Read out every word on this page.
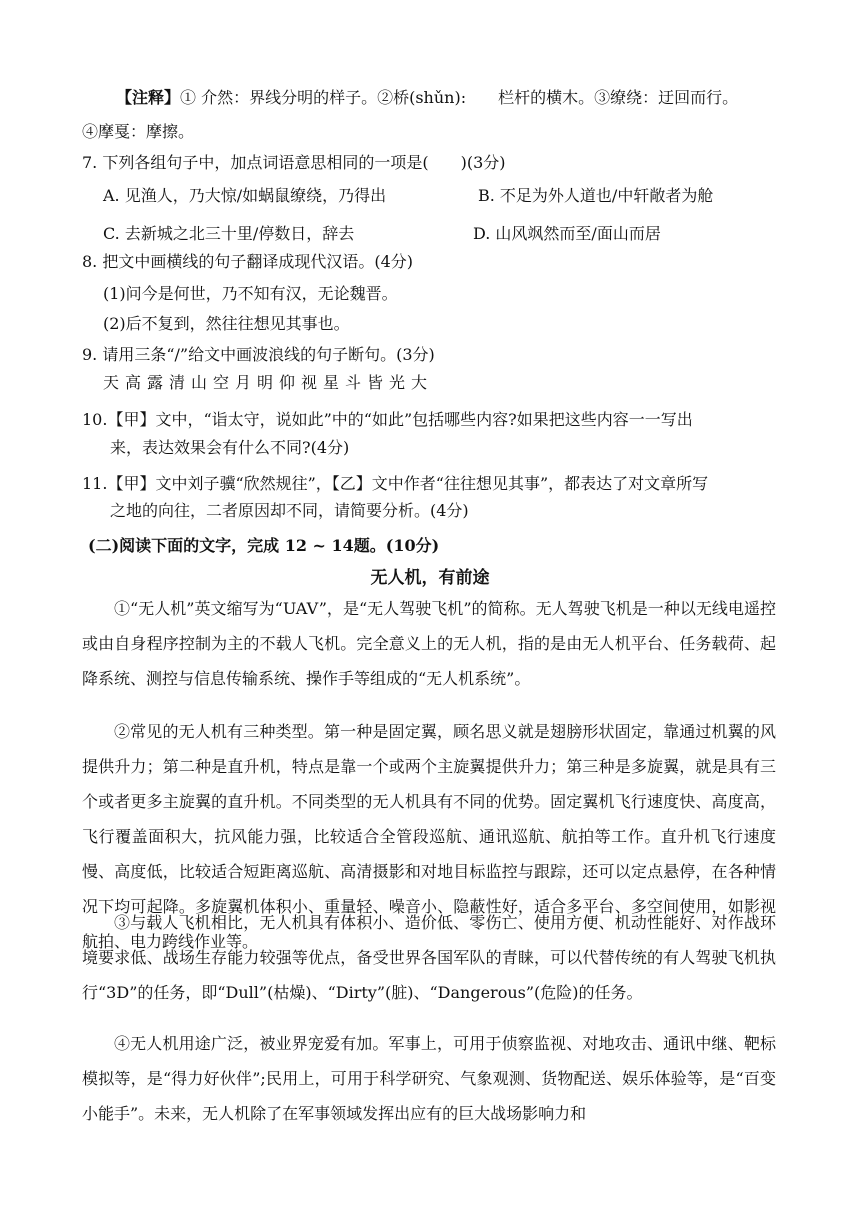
【注释】① 介然：界线分明的样子。②桥(shǔn):　　栏杆的横木。③缭绕：迂回而行。
④摩戛：摩擦。
7. 下列各组句子中，加点词语意思相同的一项是(　　)(3分)
A. 见渔人，乃大惊/如蜗鼠缭绕，乃得出	B. 不足为外人道也/中轩敞者为舱
C. 去新城之北三十里/停数日，辞去	D. 山风飒然而至/面山而居
8. 把文中画横线的句子翻译成现代汉语。(4分)
(1)问今是何世，乃不知有汉，无论魏晋。
(2)后不复到，然往往想见其事也。
9. 请用三条“/”给文中画波浪线的句子断句。(3分)
天高露清山空月明仰视星斗皆光大
10.【甲】文中，“诣太守，说如此”中的“如此”包括哪些内容?如果把这些内容一一写出
来，表达效果会有什么不同?(4分)
11.【甲】文中刘子骥“欣然规往”，【乙】文中作者“往往想见其事”，都表达了对文章所写
之地的向往，二者原因却不同，请简要分析。(4分)
(二)阅读下面的文字，完成 12 ~ 14题。(10分)
无人机，有前途
①“无人机”英文缩写为“UAV”，是“无人驾驶飞机”的简称。无人驾驶飞机是一种以无线电遥控或由自身程序控制为主的不载人飞机。完全意义上的无人机，指的是由无人机平台、任务载荷、起降系统、测控与信息传输系统、操作手等组成的“无人机系统”。
②常见的无人机有三种类型。第一种是固定翼，顾名思义就是翅膀形状固定，靠通过机翼的风提供升力；第二种是直升机，特点是靠一个或两个主旋翼提供升力；第三种是多旋翼，就是具有三个或者更多主旋翼的直升机。不同类型的无人机具有不同的优势。固定翼机飞行速度快、高度高，飞行覆盖面积大，抗风能力强，比较适合全管段巡航、通讯巡航、航拍等工作。直升机飞行速度慢、高度低，比较适合短距离巡航、高清摄影和对地目标监控与跟踪，还可以定点悬停，在各种情况下均可起降。多旋翼机体积小、重量轻、噪音小、隐蔽性好，适合多平台、多空间使用，如影视航拍、电力跨线作业等。
③与载人飞机相比，无人机具有体积小、造价低、零伤亡、使用方便、机动性能好、对作战环境要求低、战场生存能力较强等优点，备受世界各国军队的青睐，可以代替传统的有人驾驶飞机执行“3D”的任务，即“Dull”(枯燥)、“Dirty”(脏)、“Dangerous”(危险)的任务。
④无人机用途广泛，被业界宠爱有加。军事上，可用于侦察监视、对地攻击、通讯中继、靶标模拟等，是“得力好伙伴”;民用上，可用于科学研究、气象观测、货物配送、娱乐体验等，是“百变小能手”。未来，无人机除了在军事领域发挥出应有的巨大战场影响力和
